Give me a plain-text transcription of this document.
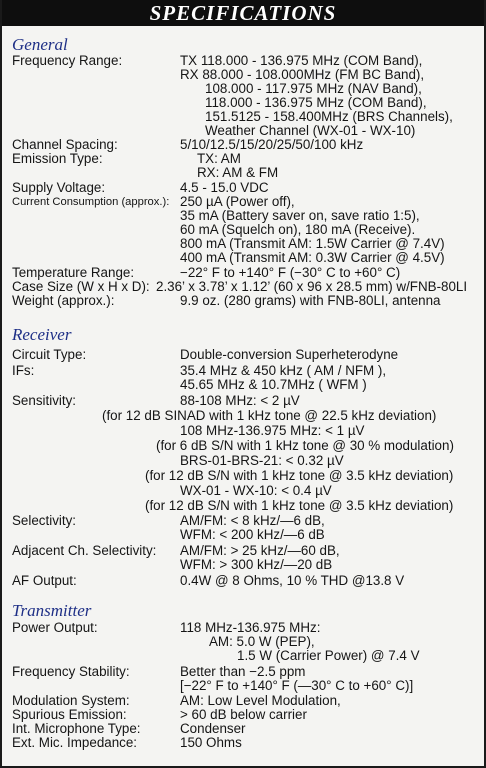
SPECIFICATIONS
General
Frequency Range:	TX 118.000 - 136.975 MHz (COM Band),
RX 88.000 - 108.000MHz (FM BC Band),
108.000 - 117.975 MHz (NAV Band),
118.000 - 136.975 MHz (COM Band),
151.5125 - 158.400MHz (BRS Channels),
Weather Channel (WX-01 - WX-10)
Channel Spacing:	5/10/12.5/15/20/25/50/100 kHz
Emission Type:	TX: AM
RX: AM & FM
Supply Voltage:	4.5 - 15.0 VDC
Current Consumption (approx.): 250 µA (Power off),
35 mA (Battery saver on, save ratio 1:5),
60 mA (Squelch on), 180 mA (Receive).
800 mA (Transmit AM: 1.5W Carrier @ 7.4V)
400 mA (Transmit AM: 0.3W Carrier @ 4.5V)
Temperature Range:	−22° F to +140° F (−30° C to +60° C)
Case Size (W x H x D): 2.36’ x 3.78’ x 1.12’ (60 x 96 x 28.5 mm) w/FNB-80LI
Weight (approx.):	9.9 oz. (280 grams) with FNB-80LI, antenna
Receiver
Circuit Type:	Double-conversion Superheterodyne
IFs:	35.4 MHz & 450 kHz ( AM / NFM ),
45.65 MHz & 10.7MHz ( WFM )
Sensitivity:	88-108 MHz: < 2 µV
(for 12 dB SINAD with 1 kHz tone @ 22.5 kHz deviation)
108 MHz-136.975 MHz: < 1 µV
(for 6 dB S/N with 1 kHz tone @ 30 % modulation)
BRS-01-BRS-21: < 0.32 µV
(for 12 dB S/N with 1 kHz tone @ 3.5 kHz deviation)
WX-01 - WX-10: < 0.4 µV
(for 12 dB S/N with 1 kHz tone @ 3.5 kHz deviation)
Selectivity:	AM/FM: < 8 kHz/—6 dB,
WFM: < 200 kHz/—6 dB
Adjacent Ch. Selectivity: AM/FM: > 25 kHz/—60 dB,
WFM: > 300 kHz/—20 dB
AF Output:	0.4W @ 8 Ohms, 10 % THD @13.8 V
Transmitter
Power Output:	118 MHz-136.975 MHz:
AM: 5.0 W (PEP),
1.5 W (Carrier Power) @ 7.4 V
Frequency Stability:	Better than −2.5 ppm
[−22° F to +140° F (—30° C to +60° C)]
Modulation System:	AM: Low Level Modulation,
Spurious Emission:	> 60 dB below carrier
Int. Microphone Type:	Condenser
Ext. Mic. Impedance:	150 Ohms
